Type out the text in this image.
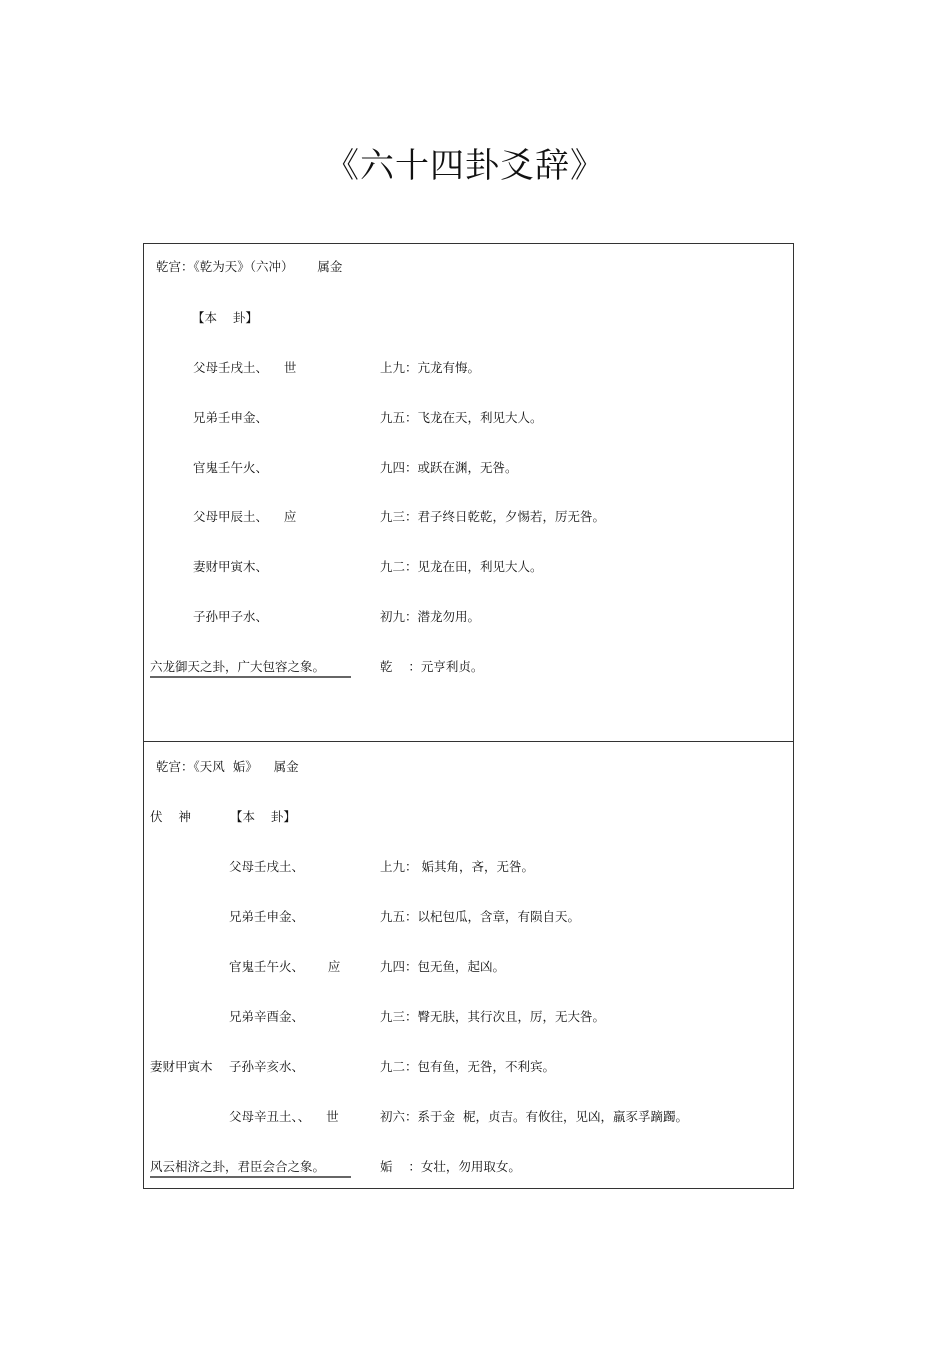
《六十四卦爻辞》
乾宫：《乾为天》（六冲）      属金
【本    卦】
父母壬戌土、    世	上九：亢龙有悔。
兄弟壬申金、	九五：飞龙在天，利见大人。
官鬼壬午火、	九四：或跃在渊，无咎。
父母甲辰土、    应	九三：君子终日乾乾，夕惕若，厉无咎。
妻财甲寅木、	九二：见龙在田，利见大人。
子孙甲子水、	初九：潜龙勿用。
六龙御天之卦，广大包容之象。	乾    ：元亨利贞。
乾宫：《天风  姤》    属金
伏    神	【本    卦】
父母壬戌土、	上九： 姤其角，吝，无咎。
兄弟壬申金、	九五：以杞包瓜，含章，有陨自天。
官鬼壬午火、      应	九四：包无鱼，起凶。
兄弟辛酉金、	九三：臀无肤，其行次且，厉，无大咎。
妻财甲寅木 子孙辛亥水、	九二：包有鱼，无咎，不利宾。
父母辛丑土、、    世	初六：系于金  柅，贞吉。有攸往，见凶，羸豕孚蹢躅。
风云相济之卦，君臣会合之象。	姤    ：女壮，勿用取女。
